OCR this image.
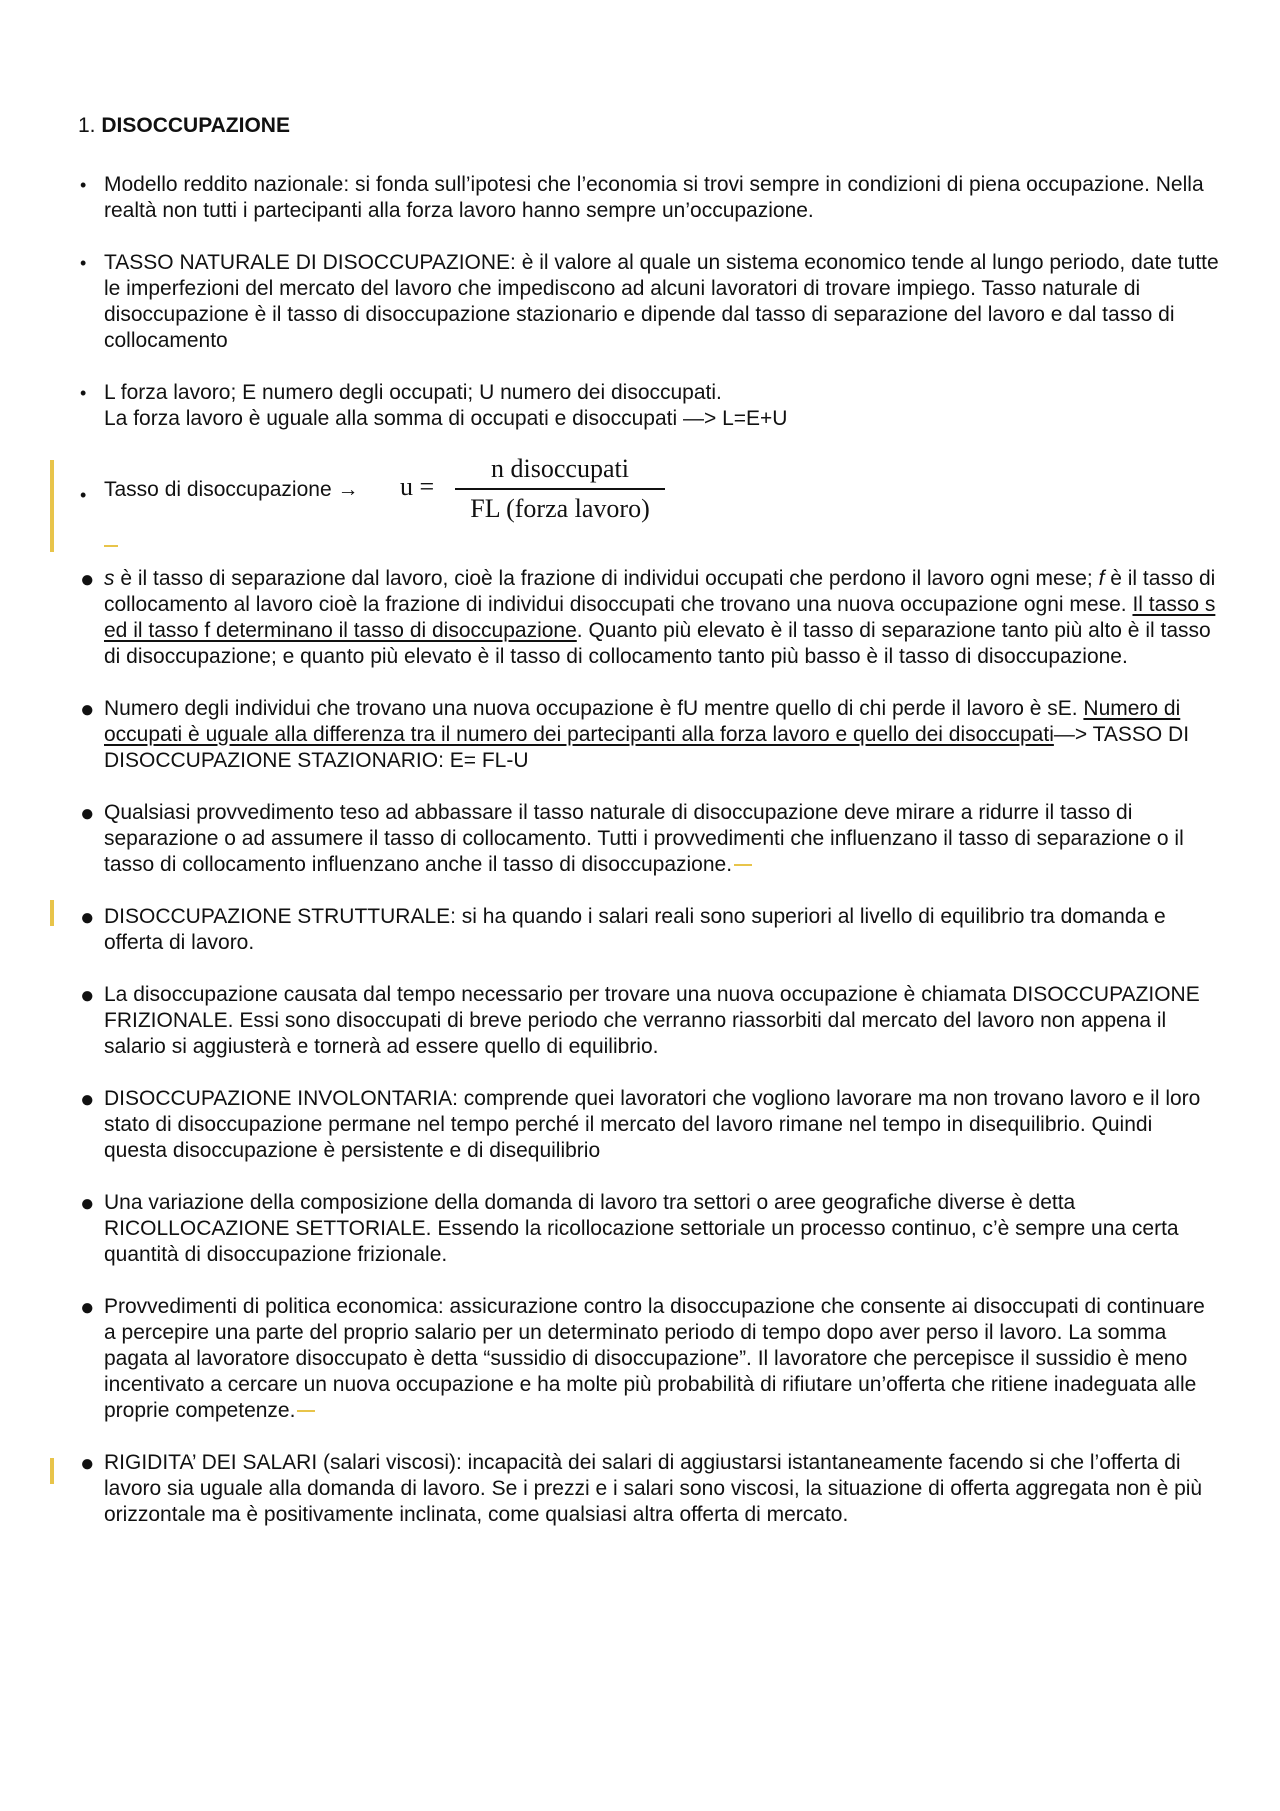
1. DISOCCUPAZIONE
• Modello reddito nazionale: si fonda sull’ipotesi che l’economia si trovi sempre in condizioni di piena occupazione. Nella realtà non tutti i partecipanti alla forza lavoro hanno sempre un’occupazione.
• TASSO NATURALE DI DISOCCUPAZIONE: è il valore al quale un sistema economico tende al lungo periodo, date tutte le imperfezioni del mercato del lavoro che impediscono ad alcuni lavoratori di trovare impiego. Tasso naturale di disoccupazione è il tasso di disoccupazione stazionario e dipende dal tasso di separazione del lavoro e dal tasso di collocamento
• L forza lavoro; E numero degli occupati; U numero dei disoccupati.
La forza lavoro è uguale alla somma di occupati e disoccupati —> L=E+U
• Tasso di disoccupazione → u =
n disoccupati
FL (forza lavoro)
● s è il tasso di separazione dal lavoro, cioè la frazione di individui occupati che perdono il lavoro ogni mese; f è il tasso di collocamento al lavoro cioè la frazione di individui disoccupati che trovano una nuova occupazione ogni mese. Il tasso s ed il tasso f determinano il tasso di disoccupazione. Quanto più elevato è il tasso di separazione tanto più alto è il tasso di disoccupazione; e quanto più elevato è il tasso di collocamento tanto più basso è il tasso di disoccupazione.
● Numero degli individui che trovano una nuova occupazione è fU mentre quello di chi perde il lavoro è sE. Numero di occupati è uguale alla differenza tra il numero dei partecipanti alla forza lavoro e quello dei disoccupati—> TASSO DI DISOCCUPAZIONE STAZIONARIO: E= FL-U
● Qualsiasi provvedimento teso ad abbassare il tasso naturale di disoccupazione deve mirare a ridurre il tasso di separazione o ad assumere il tasso di collocamento. Tutti i provvedimenti che influenzano il tasso di separazione o il tasso di collocamento influenzano anche il tasso di disoccupazione.
● DISOCCUPAZIONE STRUTTURALE: si ha quando i salari reali sono superiori al livello di equilibrio tra domanda e offerta di lavoro.
● La disoccupazione causata dal tempo necessario per trovare una nuova occupazione è chiamata DISOCCUPAZIONE FRIZIONALE. Essi sono disoccupati di breve periodo che verranno riassorbiti dal mercato del lavoro non appena il salario si aggiusterà e tornerà ad essere quello di equilibrio.
● DISOCCUPAZIONE INVOLONTARIA: comprende quei lavoratori che vogliono lavorare ma non trovano lavoro e il loro stato di disoccupazione permane nel tempo perché il mercato del lavoro rimane nel tempo in disequilibrio. Quindi questa disoccupazione è persistente e di disequilibrio
● Una variazione della composizione della domanda di lavoro tra settori o aree geografiche diverse è detta RICOLLOCAZIONE SETTORIALE. Essendo la ricollocazione settoriale un processo continuo, c’è sempre una certa quantità di disoccupazione frizionale.
● Provvedimenti di politica economica: assicurazione contro la disoccupazione che consente ai disoccupati di continuare a percepire una parte del proprio salario per un determinato periodo di tempo dopo aver perso il lavoro. La somma pagata al lavoratore disoccupato è detta “sussidio di disoccupazione”. Il lavoratore che percepisce il sussidio è meno incentivato a cercare un nuova occupazione e ha molte più probabilità di rifiutare un’offerta che ritiene inadeguata alle proprie competenze.
● RIGIDITA’ DEI SALARI (salari viscosi): incapacità dei salari di aggiustarsi istantaneamente facendo si che l’offerta di lavoro sia uguale alla domanda di lavoro. Se i prezzi e i salari sono viscosi, la situazione di offerta aggregata non è più orizzontale ma è positivamente inclinata, come qualsiasi altra offerta di mercato.
